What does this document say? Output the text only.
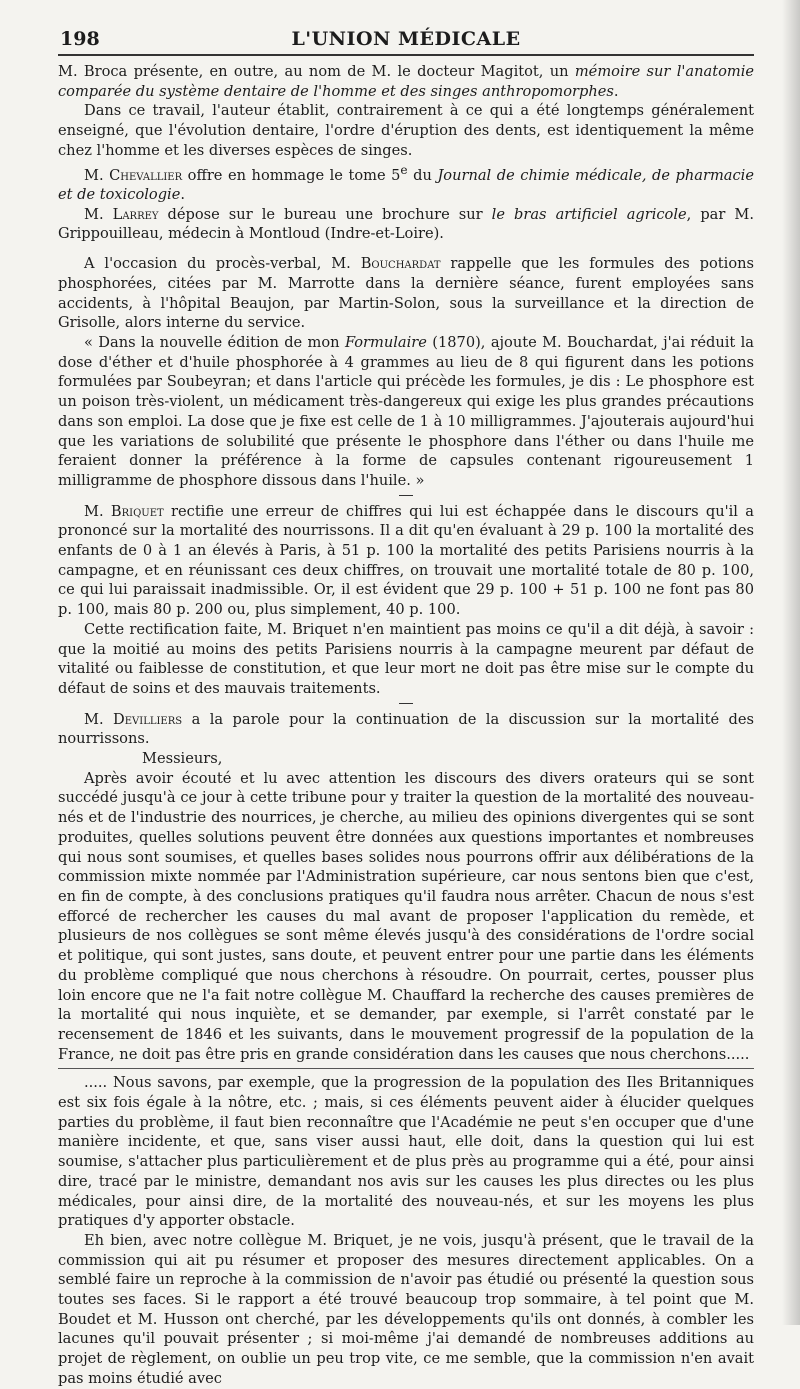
198	L'UNION MÉDICALE

M. Broca présente, en outre, au nom de M. le docteur Magitot, un mémoire sur l'anatomie comparée du système dentaire de l'homme et des singes anthropomorphes.

Dans ce travail, l'auteur établit, contrairement à ce qui a été longtemps généralement enseigné, que l'évolution dentaire, l'ordre d'éruption des dents, est identiquement la même chez l'homme et les diverses espèces de singes.

M. Chevallier offre en hommage le tome 5e du Journal de chimie médicale, de pharmacie et de toxicologie.

M. Larrey dépose sur le bureau une brochure sur le bras artificiel agricole, par M. Grippouilleau, médecin à Montloud (Indre-et-Loire).

A l'occasion du procès-verbal, M. Bouchardat rappelle que les formules des potions phosphorées, citées par M. Marrotte dans la dernière séance, furent employées sans accidents, à l'hôpital Beaujon, par Martin-Solon, sous la surveillance et la direction de Grisolle, alors interne du service.

« Dans la nouvelle édition de mon Formulaire (1870), ajoute M. Bouchardat, j'ai réduit la dose d'éther et d'huile phosphorée à 4 grammes au lieu de 8 qui figurent dans les potions formulées par Soubeyran; et dans l'article qui précède les formules, je dis : Le phosphore est un poison très-violent, un médicament très-dangereux qui exige les plus grandes précautions dans son emploi. La dose que je fixe est celle de 1 à 10 milligrammes. J'ajouterais aujourd'hui que les variations de solubilité que présente le phosphore dans l'éther ou dans l'huile me feraient donner la préférence à la forme de capsules contenant rigoureusement 1 milligramme de phosphore dissous dans l'huile. »

M. Briquet rectifie une erreur de chiffres qui lui est échappée dans le discours qu'il a prononcé sur la mortalité des nourrissons. Il a dit qu'en évaluant à 29 p. 100 la mortalité des enfants de 0 à 1 an élevés à Paris, à 51 p. 100 la mortalité des petits Parisiens nourris à la campagne, et en réunissant ces deux chiffres, on trouvait une mortalité totale de 80 p. 100, ce qui lui paraissait inadmissible. Or, il est évident que 29 p. 100 + 51 p. 100 ne font pas 80 p. 100, mais 80 p. 200 ou, plus simplement, 40 p. 100.

Cette rectification faite, M. Briquet n'en maintient pas moins ce qu'il a dit déjà, à savoir : que la moitié au moins des petits Parisiens nourris à la campagne meurent par défaut de vitalité ou faiblesse de constitution, et que leur mort ne doit pas être mise sur le compte du défaut de soins et des mauvais traitements.

M. Devilliers a la parole pour la continuation de la discussion sur la mortalité des nourrissons.

Messieurs,

Après avoir écouté et lu avec attention les discours des divers orateurs qui se sont succédé jusqu'à ce jour à cette tribune pour y traiter la question de la mortalité des nouveau-nés et de l'industrie des nourrices, je cherche, au milieu des opinions divergentes qui se sont produites, quelles solutions peuvent être données aux questions importantes et nombreuses qui nous sont soumises, et quelles bases solides nous pourrons offrir aux délibérations de la commission mixte nommée par l'Administration supérieure, car nous sentons bien que c'est, en fin de compte, à des conclusions pratiques qu'il faudra nous arrêter. Chacun de nous s'est efforcé de rechercher les causes du mal avant de proposer l'application du remède, et plusieurs de nos collègues se sont même élevés jusqu'à des considérations de l'ordre social et politique, qui sont justes, sans doute, et peuvent entrer pour une partie dans les éléments du problème compliqué que nous cherchons à résoudre. On pourrait, certes, pousser plus loin encore que ne l'a fait notre collègue M. Chauffard la recherche des causes premières de la mortalité qui nous inquiète, et se demander, par exemple, si l'arrêt constaté par le recensement de 1846 et les suivants, dans le mouvement progressif de la population de la France, ne doit pas être pris en grande considération dans les causes que nous cherchons.....

..... Nous savons, par exemple, que la progression de la population des Iles Britanniques est six fois égale à la nôtre, etc. ; mais, si ces éléments peuvent aider à élucider quelques parties du problème, il faut bien reconnaître que l'Académie ne peut s'en occuper que d'une manière incidente, et que, sans viser aussi haut, elle doit, dans la question qui lui est soumise, s'attacher plus particulièrement et de plus près au programme qui a été, pour ainsi dire, tracé par le ministre, demandant nos avis sur les causes les plus directes ou les plus médicales, pour ainsi dire, de la mortalité des nouveau-nés, et sur les moyens les plus pratiques d'y apporter obstacle.

Eh bien, avec notre collègue M. Briquet, je ne vois, jusqu'à présent, que le travail de la commission qui ait pu résumer et proposer des mesures directement applicables. On a semblé faire un reproche à la commission de n'avoir pas étudié ou présenté la question sous toutes ses faces. Si le rapport a été trouvé beaucoup trop sommaire, à tel point que M. Boudet et M. Husson ont cherché, par les développements qu'ils ont donnés, à combler les lacunes qu'il pouvait présenter ; si moi-même j'ai demandé de nombreuses additions au projet de règlement, on oublie un peu trop vite, ce me semble, que la commission n'en avait pas moins étudié avec
